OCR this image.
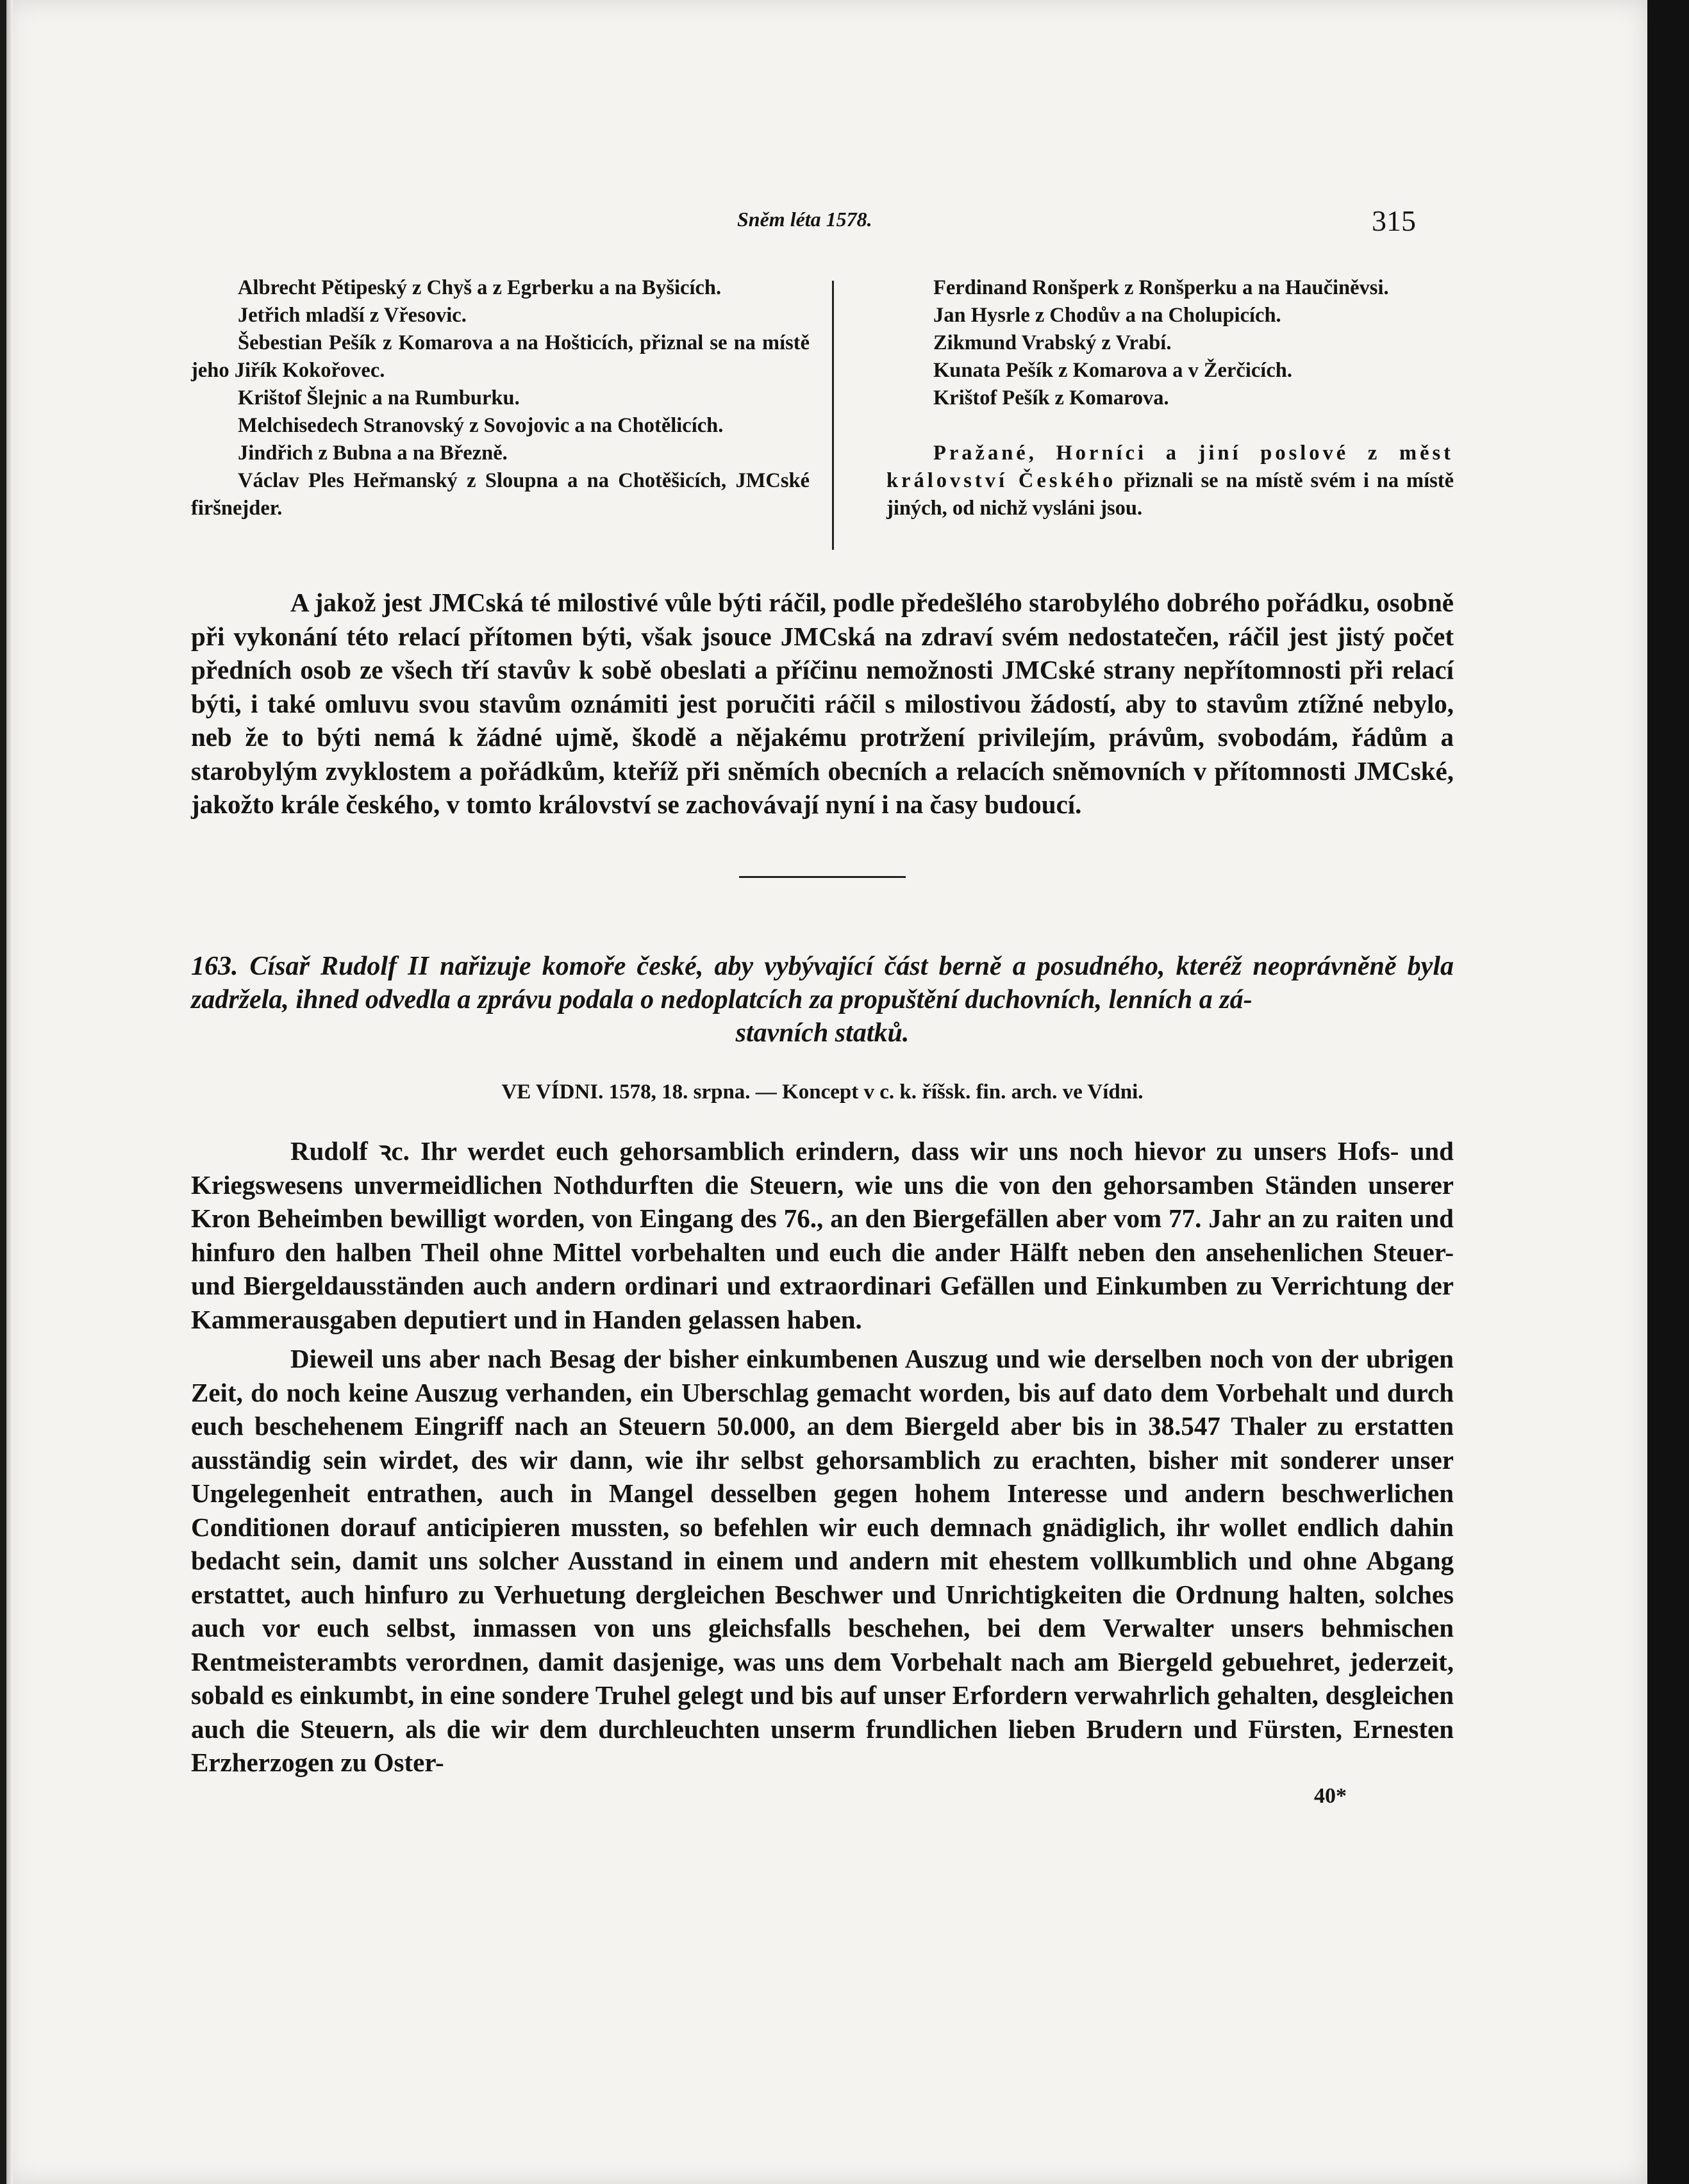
Sněm léta 1578.	315

Albrecht Pětipeský z Chyš a z Egrberku a na Byšicích.

Jetřich mladší z Vřesovic.

Šebestian Pešík z Komarova a na Hošticích, přiznal se na místě jeho Jiřík Kokořovec.

Krištof Šlejnic a na Rumburku.

Melchisedech Stranovský z Sovojovic a na Chotělicích.

Jindřich z Bubna a na Březně.

Václav Ples Heřmanský z Sloupna a na Chotěšicích, JMCské firšnejder.

Ferdinand Ronšperk z Ronšperku a na Haučiněvsi.

Jan Hysrle z Chodův a na Cholupicích.

Zikmund Vrabský z Vrabí.

Kunata Pešík z Komarova a v Žerčicích.

Krištof Pešík z Komarova.

Pražané, Horníci a jiní poslové z měst království Českého přiznali se na místě svém i na místě jiných, od nichž vysláni jsou.

A jakož jest JMCská té milostivé vůle býti ráčil, podle předešlého starobylého dobrého pořádku, osobně při vykonání této relací přítomen býti, však jsouce JMCská na zdraví svém nedostatečen, ráčil jest jistý počet předních osob ze všech tří stavův k sobě obeslati a příčinu nemožnosti JMCské strany nepřítomnosti při relací býti, i také omluvu svou stavům oznámiti jest poručiti ráčil s milostivou žádostí, aby to stavům ztížné nebylo, neb že to býti nemá k žádné ujmě, škodě a nějakému protržení privilejím, právům, svobodám, řádům a starobylým zvyklostem a pořádkům, kteříž při sněmích obecních a relacích sněmovních v přítomnosti JMCské, jakožto krále českého, v tomto království se zachovávají nyní i na časy budoucí.

163. Císař Rudolf II nařizuje komoře české, aby vybývající část berně a posudného, kteréž neoprávněně byla zadržela, ihned odvedla a zprávu podala o nedoplatcích za propuštění duchovních, lenních a zá-
stavních statků.
VE VÍDNI. 1578, 18. srpna. — Koncept v c. k. říšsk. fin. arch. ve Vídni.

Rudolf ꝛc. Ihr werdet euch gehorsamblich erindern, dass wir uns noch hievor zu unsers Hofs- und Kriegswesens unvermeidlichen Nothdurften die Steuern, wie uns die von den gehorsamben Ständen unserer Kron Beheimben bewilligt worden, von Eingang des 76., an den Biergefällen aber vom 77. Jahr an zu raiten und hinfuro den halben Theil ohne Mittel vorbehalten und euch die ander Hälft neben den ansehenlichen Steuer- und Biergeldausständen auch andern ordinari und extraordinari Gefällen und Einkumben zu Verrichtung der Kammerausgaben deputiert und in Handen gelassen haben.

Dieweil uns aber nach Besag der bisher einkumbenen Auszug und wie derselben noch von der ubrigen Zeit, do noch keine Auszug verhanden, ein Uberschlag gemacht worden, bis auf dato dem Vorbehalt und durch euch beschehenem Eingriff nach an Steuern 50.000, an dem Biergeld aber bis in 38.547 Thaler zu erstatten ausständig sein wirdet, des wir dann, wie ihr selbst gehorsamblich zu erachten, bisher mit sonderer unser Ungelegenheit entrathen, auch in Mangel desselben gegen hohem Interesse und andern beschwerlichen Conditionen dorauf anticipieren mussten, so befehlen wir euch demnach gnädiglich, ihr wollet endlich dahin bedacht sein, damit uns solcher Ausstand in einem und andern mit ehestem vollkumblich und ohne Abgang erstattet, auch hinfuro zu Verhuetung dergleichen Beschwer und Unrichtigkeiten die Ordnung halten, solches auch vor euch selbst, inmassen von uns gleichsfalls beschehen, bei dem Verwalter unsers behmischen Rentmeisterambts verordnen, damit dasjenige, was uns dem Vorbehalt nach am Biergeld gebuehret, jederzeit, sobald es einkumbt, in eine sondere Truhel gelegt und bis auf unser Erfordern verwahrlich gehalten, desgleichen auch die Steuern, als die wir dem durchleuchten unserm frundlichen lieben Brudern und Fürsten, Ernesten Erzherzogen zu Oster-

40*
